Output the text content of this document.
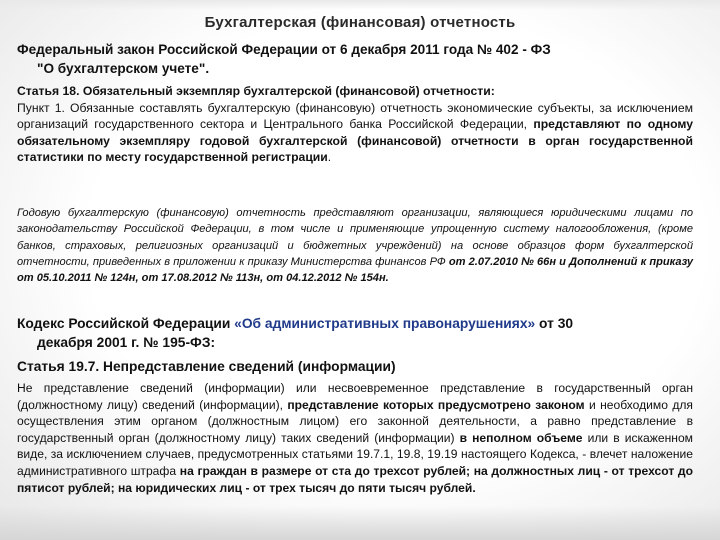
Бухгалтерская (финансовая) отчетность
Федеральный закон Российской Федерации от 6 декабря 2011 года № 402 - ФЗ
"О бухгалтерском учете".
Статья 18. Обязательный экземпляр бухгалтерской (финансовой) отчетности:
Пункт 1. Обязанные составлять бухгалтерскую (финансовую) отчетность экономические субъекты, за исключением организаций государственного сектора и Центрального банка Российской Федерации, представляют по одному обязательному экземпляру годовой бухгалтерской (финансовой) отчетности в орган государственной статистики по месту государственной регистрации.
Годовую бухгалтерскую (финансовую) отчетность представляют организации, являющиеся юридическими лицами по законодательству Российской Федерации, в том числе и применяющие упрощенную систему налогообложения, (кроме банков, страховых, религиозных организаций и бюджетных учреждений) на основе образцов форм бухгалтерской отчетности, приведенных в приложении к приказу Министерства финансов РФ от 2.07.2010 № 66н и Дополнений к приказу от 05.10.2011 № 124н, от 17.08.2012 № 113н, от 04.12.2012 № 154н.
Кодекс Российской Федерации «Об административных правонарушениях» от 30
декабря 2001 г. № 195-ФЗ:
Статья 19.7. Непредставление сведений (информации)
Не представление сведений (информации) или несвоевременное представление в государственный орган (должностному лицу) сведений (информации), представление которых предусмотрено законом и необходимо для осуществления этим органом (должностным лицом) его законной деятельности, а равно представление в государственный орган (должностному лицу) таких сведений (информации) в неполном объеме или в искаженном виде, за исключением случаев, предусмотренных статьями 19.7.1, 19.8, 19.19 настоящего Кодекса, - влечет наложение административного штрафа на граждан в размере от ста до трехсот рублей; на должностных лиц - от трехсот до пятисот рублей; на юридических лиц - от трех тысяч до пяти тысяч рублей.
